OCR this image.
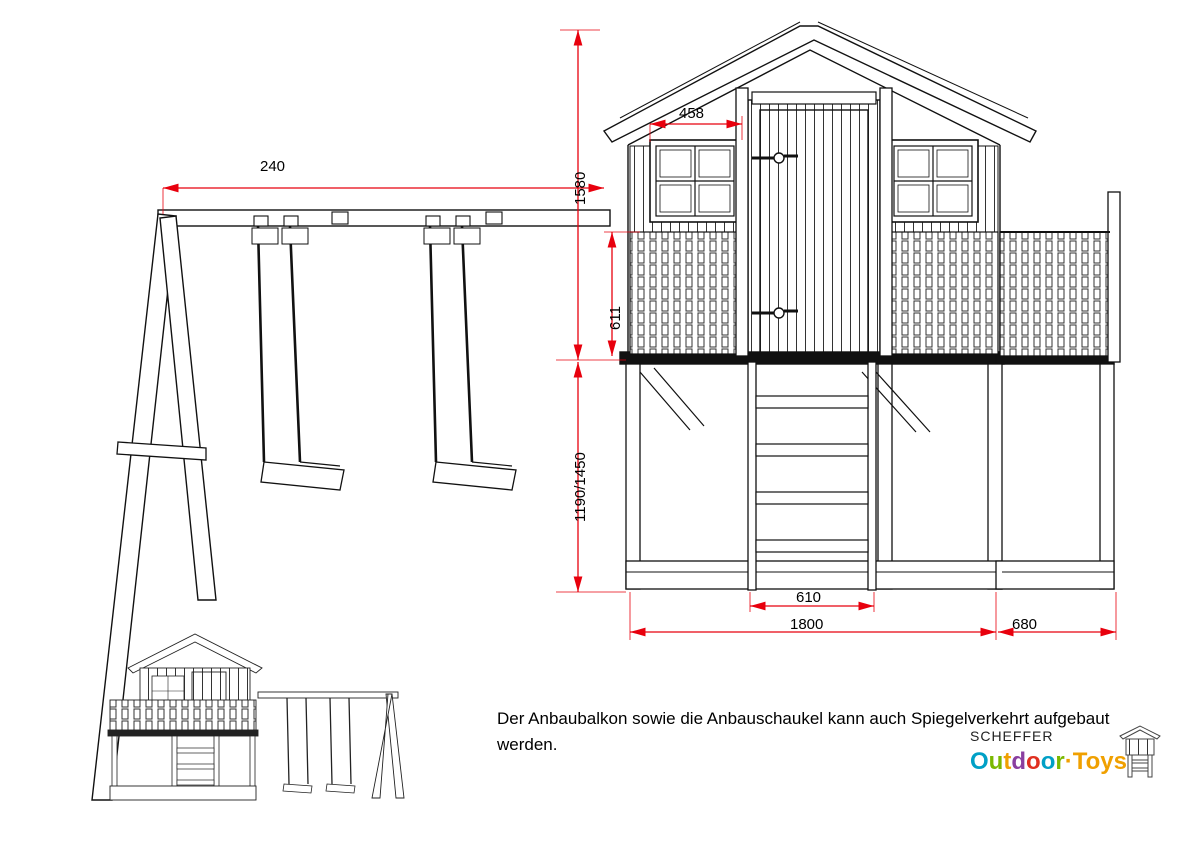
240
458
1580
611
1190/1450
610
1800	680
Der Anbaubalkon sowie die Anbauschaukel kann auch Spiegelverkehrt aufgebaut werden.	SCHEFFER
Outdoor·Toys
